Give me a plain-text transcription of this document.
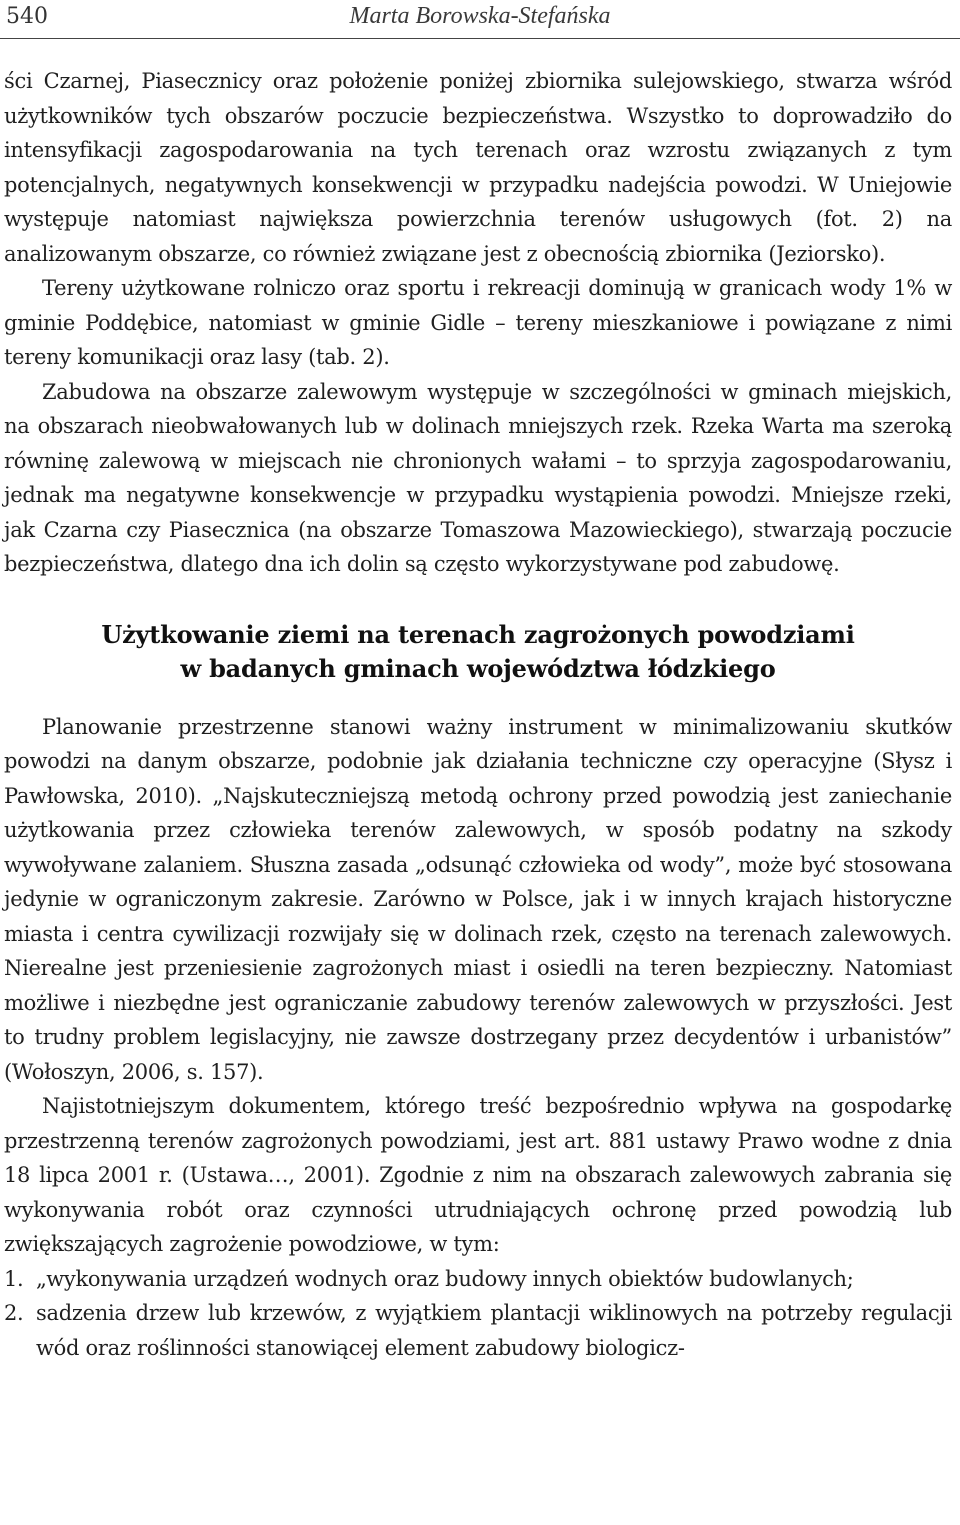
540	Marta Borowska-Stefańska

ści Czarnej, Piasecznicy oraz położenie poniżej zbiornika sulejowskiego, stwarza wśród użytkowników tych obszarów poczucie bezpieczeństwa. Wszystko to doprowadziło do intensyfikacji zagospodarowania na tych terenach oraz wzrostu związanych z tym potencjalnych, negatywnych konsekwencji w przypadku nadejścia powodzi. W Uniejowie występuje natomiast największa powierzchnia terenów usługowych (fot. 2) na analizowanym obszarze, co również związane jest z obecnością zbiornika (Jeziorsko).

Tereny użytkowane rolniczo oraz sportu i rekreacji dominują w granicach wody 1% w gminie Poddębice, natomiast w gminie Gidle – tereny mieszkaniowe i powiązane z nimi tereny komunikacji oraz lasy (tab. 2).

Zabudowa na obszarze zalewowym występuje w szczególności w gminach miejskich, na obszarach nieobwałowanych lub w dolinach mniejszych rzek. Rzeka Warta ma szeroką równinę zalewową w miejscach nie chronionych wałami – to sprzyja zagospodarowaniu, jednak ma negatywne konsekwencje w przypadku wystąpienia powodzi. Mniejsze rzeki, jak Czarna czy Piasecznica (na obszarze Tomaszowa Mazowieckiego), stwarzają poczucie bezpieczeństwa, dlatego dna ich dolin są często wykorzystywane pod zabudowę.

Użytkowanie ziemi na terenach zagrożonych powodziami
w badanych gminach województwa łódzkiego

Planowanie przestrzenne stanowi ważny instrument w minimalizowaniu skutków powodzi na danym obszarze, podobnie jak działania techniczne czy operacyjne (Słysz i Pawłowska, 2010). „Najskuteczniejszą metodą ochrony przed powodzią jest zaniechanie użytkowania przez człowieka terenów zalewowych, w sposób podatny na szkody wywoływane zalaniem. Słuszna zasada „odsunąć człowieka od wody”, może być stosowana jedynie w ograniczonym zakresie. Zarówno w Polsce, jak i w innych krajach historyczne miasta i centra cywilizacji rozwijały się w dolinach rzek, często na terenach zalewowych. Nierealne jest przeniesienie zagrożonych miast i osiedli na teren bezpieczny. Natomiast możliwe i niezbędne jest ograniczanie zabudowy terenów zalewowych w przyszłości. Jest to trudny problem legislacyjny, nie zawsze dostrzegany przez decydentów i urbanistów” (Wołoszyn, 2006, s. 157).

Najistotniejszym dokumentem, którego treść bezpośrednio wpływa na gospodarkę przestrzenną terenów zagrożonych powodziami, jest art. 881 ustawy Prawo wodne z dnia 18 lipca 2001 r. (Ustawa…, 2001). Zgodnie z nim na obszarach zalewowych zabrania się wykonywania robót oraz czynności utrudniających ochronę przed powodzią lub zwiększających zagrożenie powodziowe, w tym:

1. „wykonywania urządzeń wodnych oraz budowy innych obiektów budowlanych;
2. sadzenia drzew lub krzewów, z wyjątkiem plantacji wiklinowych na potrzeby regulacji wód oraz roślinności stanowiącej element zabudowy biologicz-
